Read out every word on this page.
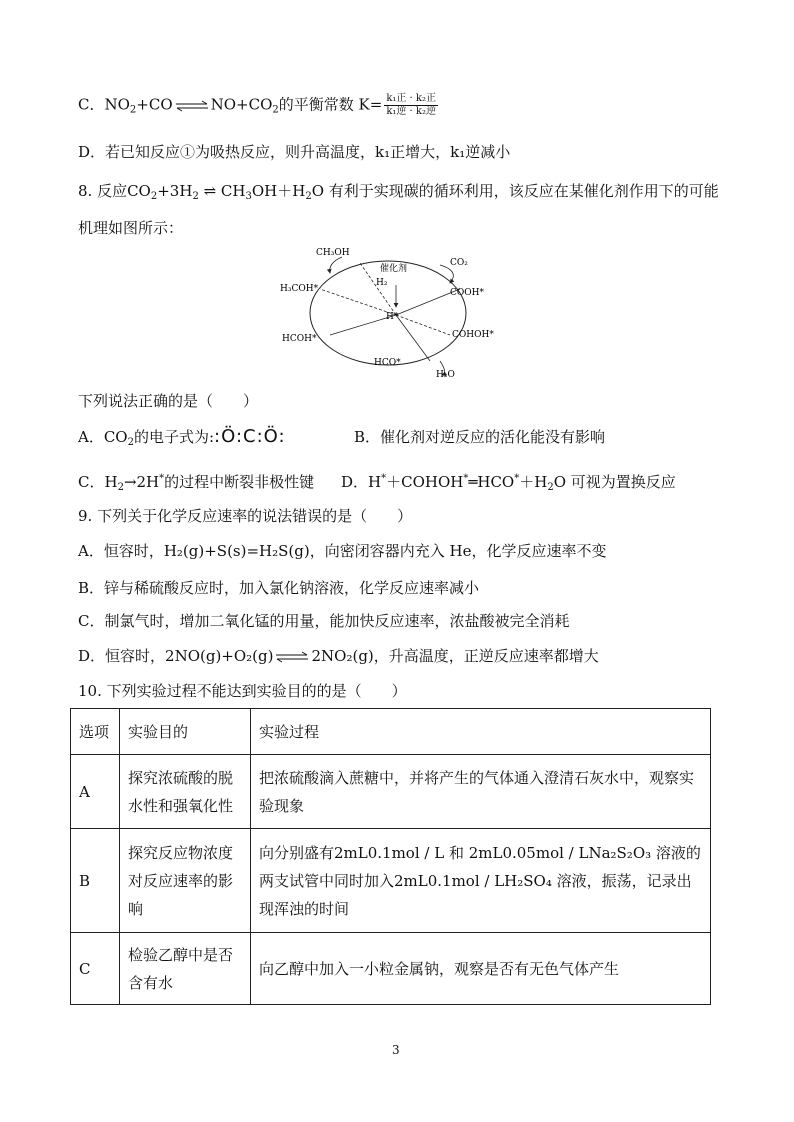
C．$NO_2+CO$ ⇌ $NO+CO_2$的平衡常数 $K= \frac{\text{k₁正 · k₂正}}{\text{k₁逆 · k₂逆}}$
D．若已知反应①为吸热反应，则升高温度，k₁正增大，k₁逆减小
8. 反应$CO_2+3H_2$ ⇌ $CH_3OH+H_2O$ 有利于实现碳的循环利用，该反应在某催化剂作用下的可能
机理如图所示：
CH₃OH
催化剂
CO₂
H₂
H₃COH*	COOH*
H*
COHOH*
HCOH*
HCO*
H₂O
下列说法正确的是（　　）
A．$CO_2$的电子式为::Ö:C:Ö:	B．催化剂对逆反应的活化能没有影响
C．$H_2\to 2H^*$的过程中断裂非极性键 D．$H^*+COHOH^*═HCO^*+H_2O$ 可视为置换反应
9. 下列关于化学反应速率的说法错误的是（　　）
A．恒容时，H₂(g)+S(s)=H₂S(g)，向密闭容器内充入 He，化学反应速率不变
B．锌与稀硫酸反应时，加入氯化钠溶液，化学反应速率减小
C．制氯气时，增加二氧化锰的用量，能加快反应速率，浓盐酸被完全消耗
D．恒容时，2NO(g)+O₂(g) ⇌ 2NO₂(g)，升高温度，正逆反应速率都增大
10. 下列实验过程不能达到实验目的的是（　　）
选项	实验目的	实验过程
A	探究浓硫酸的脱水性和强氧化性	把浓硫酸滴入蔗糖中，并将产生的气体通入澄清石灰水中，观察实验现象
B	探究反应物浓度对反应速率的影响	向分别盛有2mL0.1mol / L 和 2mL0.05mol / LNa₂S₂O₃ 溶液的两支试管中同时加入2mL0.1mol / LH₂SO₄ 溶液，振荡，记录出现浑浊的时间
C	检验乙醇中是否含有水	向乙醇中加入一小粒金属钠，观察是否有无色气体产生
3
